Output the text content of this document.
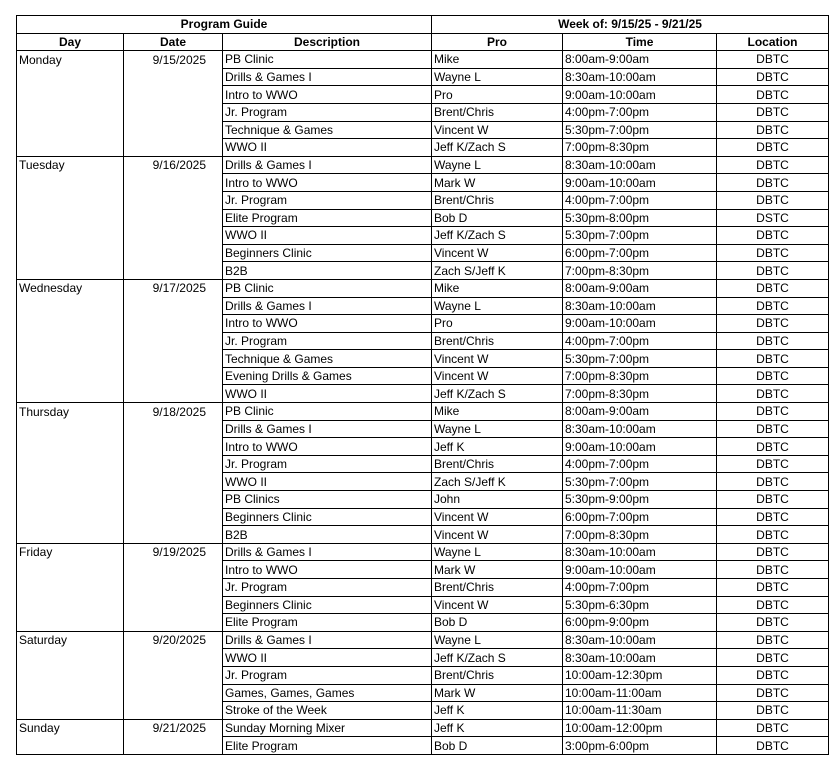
Program Guide			Week of: 9/15/25 - 9/21/25		
Day	Date	Description	Pro	Time	Location
Monday	9/15/2025	PB Clinic	Mike	8:00am-9:00am	DBTC
		Drills & Games I	Wayne L	8:30am-10:00am	DBTC
		Intro to WWO	Pro	9:00am-10:00am	DBTC
		Jr. Program	Brent/Chris	4:00pm-7:00pm	DBTC
		Technique & Games	Vincent W	5:30pm-7:00pm	DBTC
		WWO II	Jeff K/Zach S	7:00pm-8:30pm	DBTC
Tuesday	9/16/2025	Drills & Games I	Wayne L	8:30am-10:00am	DBTC
		Intro to WWO	Mark W	9:00am-10:00am	DBTC
		Jr. Program	Brent/Chris	4:00pm-7:00pm	DBTC
		Elite Program	Bob D	5:30pm-8:00pm	DSTC
		WWO II	Jeff K/Zach S	5:30pm-7:00pm	DBTC
		Beginners Clinic	Vincent W	6:00pm-7:00pm	DBTC
		B2B	Zach S/Jeff K	7:00pm-8:30pm	DBTC
Wednesday	9/17/2025	PB Clinic	Mike	8:00am-9:00am	DBTC
		Drills & Games I	Wayne L	8:30am-10:00am	DBTC
		Intro to WWO	Pro	9:00am-10:00am	DBTC
		Jr. Program	Brent/Chris	4:00pm-7:00pm	DBTC
		Technique & Games	Vincent W	5:30pm-7:00pm	DBTC
		Evening Drills & Games	Vincent W	7:00pm-8:30pm	DBTC
		WWO II	Jeff K/Zach S	7:00pm-8:30pm	DBTC
Thursday	9/18/2025	PB Clinic	Mike	8:00am-9:00am	DBTC
		Drills & Games I	Wayne L	8:30am-10:00am	DBTC
		Intro to WWO	Jeff K	9:00am-10:00am	DBTC
		Jr. Program	Brent/Chris	4:00pm-7:00pm	DBTC
		WWO II	Zach S/Jeff K	5:30pm-7:00pm	DBTC
		PB Clinics	John	5:30pm-9:00pm	DBTC
		Beginners Clinic	Vincent W	6:00pm-7:00pm	DBTC
		B2B	Vincent W	7:00pm-8:30pm	DBTC
Friday	9/19/2025	Drills & Games I	Wayne L	8:30am-10:00am	DBTC
		Intro to WWO	Mark W	9:00am-10:00am	DBTC
		Jr. Program	Brent/Chris	4:00pm-7:00pm	DBTC
		Beginners Clinic	Vincent W	5:30pm-6:30pm	DBTC
		Elite Program	Bob D	6:00pm-9:00pm	DBTC
Saturday	9/20/2025	Drills & Games I	Wayne L	8:30am-10:00am	DBTC
		WWO II	Jeff K/Zach S	8:30am-10:00am	DBTC
		Jr. Program	Brent/Chris	10:00am-12:30pm	DBTC
		Games, Games, Games	Mark W	10:00am-11:00am	DBTC
		Stroke of the Week	Jeff K	10:00am-11:30am	DBTC
Sunday	9/21/2025	Sunday Morning Mixer	Jeff K	10:00am-12:00pm	DBTC
		Elite Program	Bob D	3:00pm-6:00pm	DBTC
